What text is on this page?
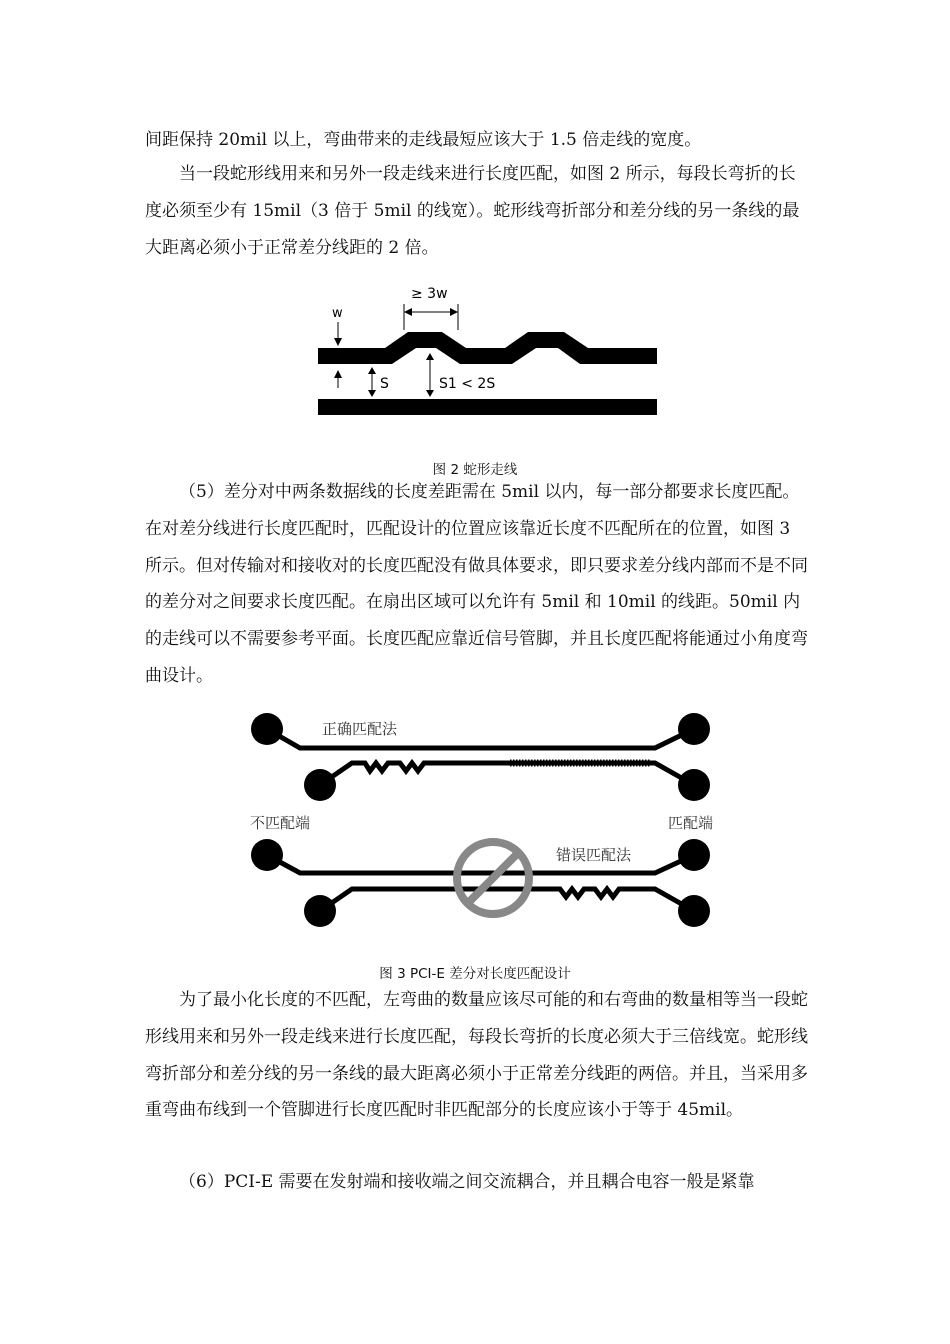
间距保持 20mil 以上，弯曲带来的走线最短应该大于 1.5 倍走线的宽度。

当一段蛇形线用来和另外一段走线来进行长度匹配，如图 2 所示，每段长弯折的长度必须至少有 15mil（3 倍于 5mil 的线宽）。蛇形线弯折部分和差分线的另一条线的最大距离必须小于正常差分线距的 2 倍。

w
≥ 3w
S	S1 < 2S

图 2 蛇形走线

（5）差分对中两条数据线的长度差距需在 5mil 以内，每一部分都要求长度匹配。在对差分线进行长度匹配时，匹配设计的位置应该靠近长度不匹配所在的位置，如图 3 所示。但对传输对和接收对的长度匹配没有做具体要求，即只要求差分线内部而不是不同的差分对之间要求长度匹配。在扇出区域可以允许有 5mil 和 10mil 的线距。50mil 内的走线可以不需要参考平面。长度匹配应靠近信号管脚，并且长度匹配将能通过小角度弯曲设计。

正确匹配法
不匹配端	匹配端
错误匹配法

图 3 PCI-E 差分对长度匹配设计

为了最小化长度的不匹配，左弯曲的数量应该尽可能的和右弯曲的数量相等当一段蛇形线用来和另外一段走线来进行长度匹配，每段长弯折的长度必须大于三倍线宽。蛇形线弯折部分和差分线的另一条线的最大距离必须小于正常差分线距的两倍。并且，当采用多重弯曲布线到一个管脚进行长度匹配时非匹配部分的长度应该小于等于 45mil。

（6）PCI-E 需要在发射端和接收端之间交流耦合，并且耦合电容一般是紧靠
